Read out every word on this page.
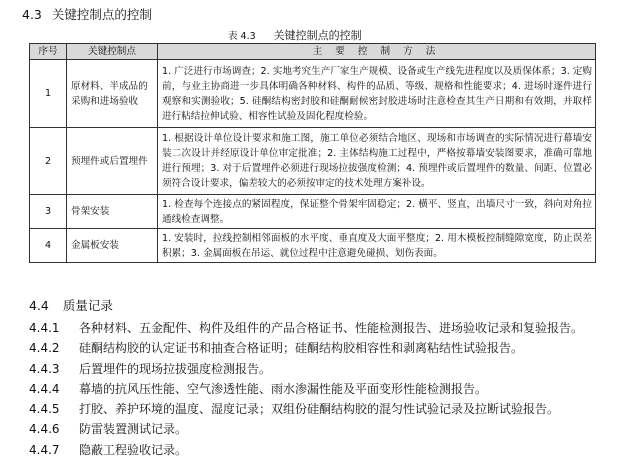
4.3 关键控制点的控制
表 4.3 关键控制点的控制
序号	关键控制点	主 要 控 制 方 法
1	原材料、半成品的采购和进场验收	1. 广泛进行市场调查；2. 实地考究生产厂家生产规模、设备或生产线先进程度以及质保体系；3. 定购前，与业主协商进一步具体明确各种材料、构件的品质、等级、规格和性能要求；4. 进场时逐件进行观察和实测验收；5. 硅酮结构密封胶和硅酮耐候密封胶进场时注意检查其生产日期和有效期，并取样进行粘结拉伸试验、相容性试验及固化程度检验。
2	预埋件或后置埋件	1. 根据设计单位设计要求和施工图，施工单位必须结合地区、现场和市场调查的实际情况进行幕墙安装二次设计并经原设计单位审定批准；2. 主体结构施工过程中，严格按幕墙安装图要求，准确可靠地进行预埋；3. 对于后置埋件必须进行现场拉拔强度检测；4. 预埋件或后置埋件的数量、间距、位置必须符合设计要求，偏差较大的必须按审定的技术处理方案补设。
3	骨架安装	1. 检查每个连接点的紧固程度，保证整个骨架牢固稳定；2. 横平、竖直，出墙尺寸一致，斜向对角拉通线检查调整。
4	金属板安装	1. 安装时，拉线控制相邻面板的水平度、垂直度及大面平整度；2. 用木模板控制缝隙宽度，防止误差积累；3. 金属面板在吊运、就位过程中注意避免碰损、划伤表面。
4.4 质量记录
4.4.1 各种材料、五金配件、构件及组件的产品合格证书、性能检测报告、进场验收记录和复验报告。
4.4.2 硅酮结构胶的认定证书和抽查合格证明；硅酮结构胶相容性和剥离粘结性试验报告。
4.4.3 后置埋件的现场拉拔强度检测报告。
4.4.4 幕墙的抗风压性能、空气渗透性能、雨水渗漏性能及平面变形性能检测报告。
4.4.5 打胶、养护环境的温度、湿度记录；双组份硅酮结构胶的混匀性试验记录及拉断试验报告。
4.4.6 防雷装置测试记录。
4.4.7 隐蔽工程验收记录。
